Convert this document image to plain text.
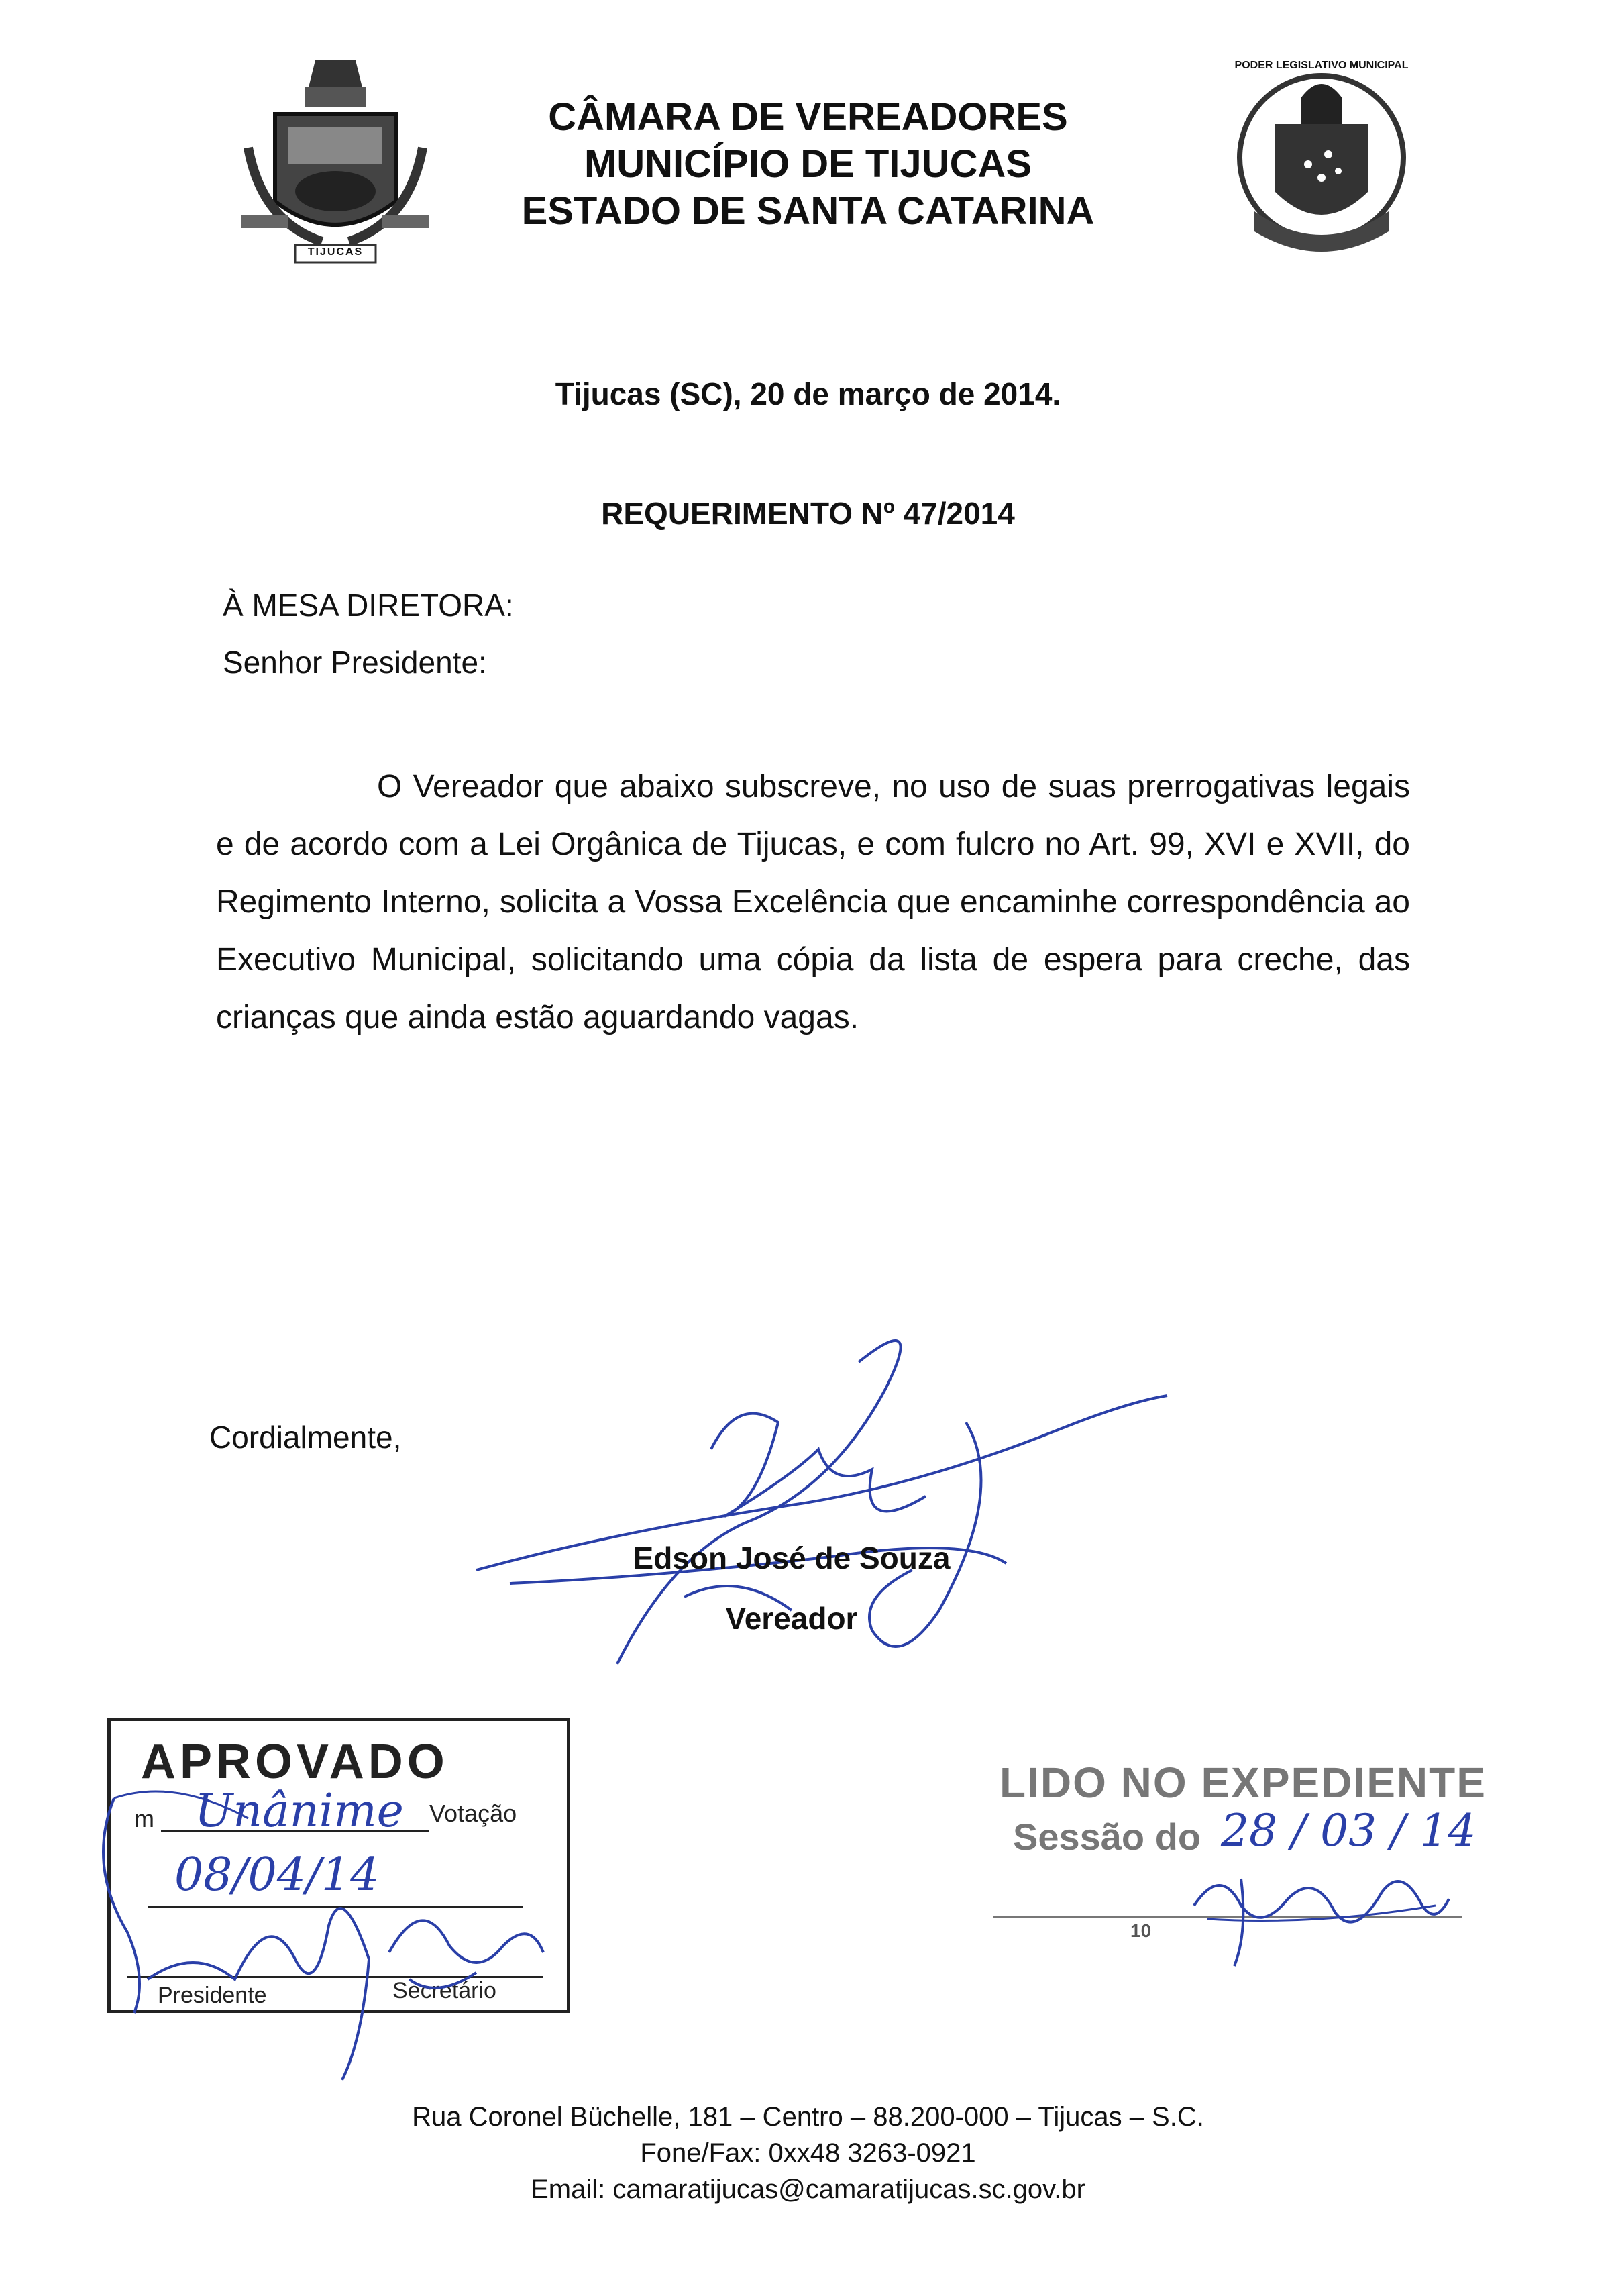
TIJUCAS
CÂMARA DE VEREADORES
MUNICÍPIO DE TIJUCAS
ESTADO DE SANTA CATARINA
PODER LEGISLATIVO MUNICIPAL
Tijucas (SC), 20 de março de 2014.
REQUERIMENTO Nº 47/2014
À MESA DIRETORA:
Senhor Presidente:
O Vereador que abaixo subscreve, no uso de suas prerrogativas legais e de acordo com a Lei Orgânica de Tijucas, e com fulcro no Art. 99, XVI e XVII, do Regimento Interno, solicita a Vossa Excelência que encaminhe correspondência ao Executivo Municipal, solicitando uma cópia da lista de espera para creche, das crianças que ainda estão aguardando vagas.
Cordialmente,
Edson José de Souza
Vereador
APROVADO
m	Votação
Unânime
08/04/14
Presidente	Secretário
LIDO NO EXPEDIENTE
Sessão do 28 / 03 / 14
10
Rua Coronel Büchelle, 181 – Centro – 88.200-000 – Tijucas – S.C.
Fone/Fax: 0xx48 3263-0921
Email: camaratijucas@camaratijucas.sc.gov.br
